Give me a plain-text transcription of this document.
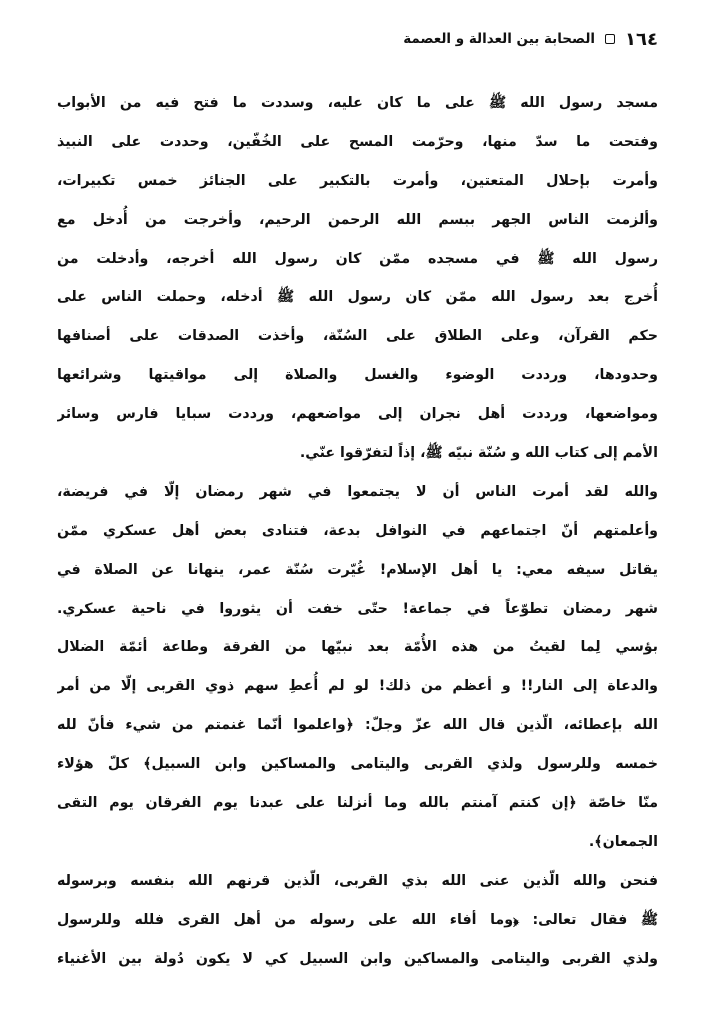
١٦٤
الصحابة بين العدالة و العصمة
مسجد رسول الله ﷺ على ما كان عليه، وسددت ما فتح فيه من الأبواب
وفتحت ما سدّ منها، وحرّمت المسح على الخُفّين، وحددت على النبيذ
وأمرت بإحلال المتعتين، وأمرت بالتكبير على الجنائز خمس تكبيرات،
وألزمت الناس الجهر ببسم الله الرحمن الرحيم، وأخرجت من أُدخل مع
رسول الله ﷺ في مسجده ممّن كان رسول الله أخرجه، وأدخلت من
أُخرج بعد رسول الله ممّن كان رسول الله ﷺ أدخله، وحملت الناس على
حكم القرآن، وعلى الطلاق على السُنّة، وأخذت الصدقات على أصنافها
وحدودها، ورددت الوضوء والغسل والصلاة إلى مواقيتها وشرائعها
ومواضعها، ورددت أهل نجران إلى مواضعهم، ورددت سبايا فارس وسائر
الأمم إلى كتاب الله و سُنّة نبيّه ﷺ، إذاً لتفرّقوا عنّي.
والله لقد أمرت الناس أن لا يجتمعوا في شهر رمضان إلّا في فريضة،
وأعلمتهم أنّ اجتماعهم في النوافل بدعة، فتنادى بعض أهل عسكري ممّن
يقاتل سيفه معي: يا أهل الإسلام! غُيّرت سُنّة عمر، ينهانا عن الصلاة في
شهر رمضان تطوّعاً في جماعة! حتّى خفت أن يثوروا في ناحية عسكري.
بؤسي لِما لقيتُ من هذه الأُمّة بعد نبيّها من الفرقة وطاعة أئمّة الضلال
والدعاة إلى النار!! و أعظم من ذلك! لو لم أُعطِ سهم ذوي القربى إلّا من أمر
الله بإعطائه، الّذين قال الله عزّ وجلّ: ﴿واعلموا أنّما غنمتم من شيء فأنّ لله
خمسه وللرسول ولذي القربى واليتامى والمساكين وابن السبيل﴾ كلّ هؤلاء
منّا خاصّة ﴿إن كنتم آمنتم بالله وما أنزلنا على عبدنا يوم الفرقان يوم التقى
الجمعان﴾.
فنحن والله الّذين عنى الله بذي القربى، الّذين قرنهم الله بنفسه وبرسوله
ﷺ فقال تعالى: ﴿وما أفاء الله على رسوله من أهل القرى فلله وللرسول
ولذي القربى واليتامى والمساكين وابن السبيل كي لا يكون دُولة بين الأغنياء
